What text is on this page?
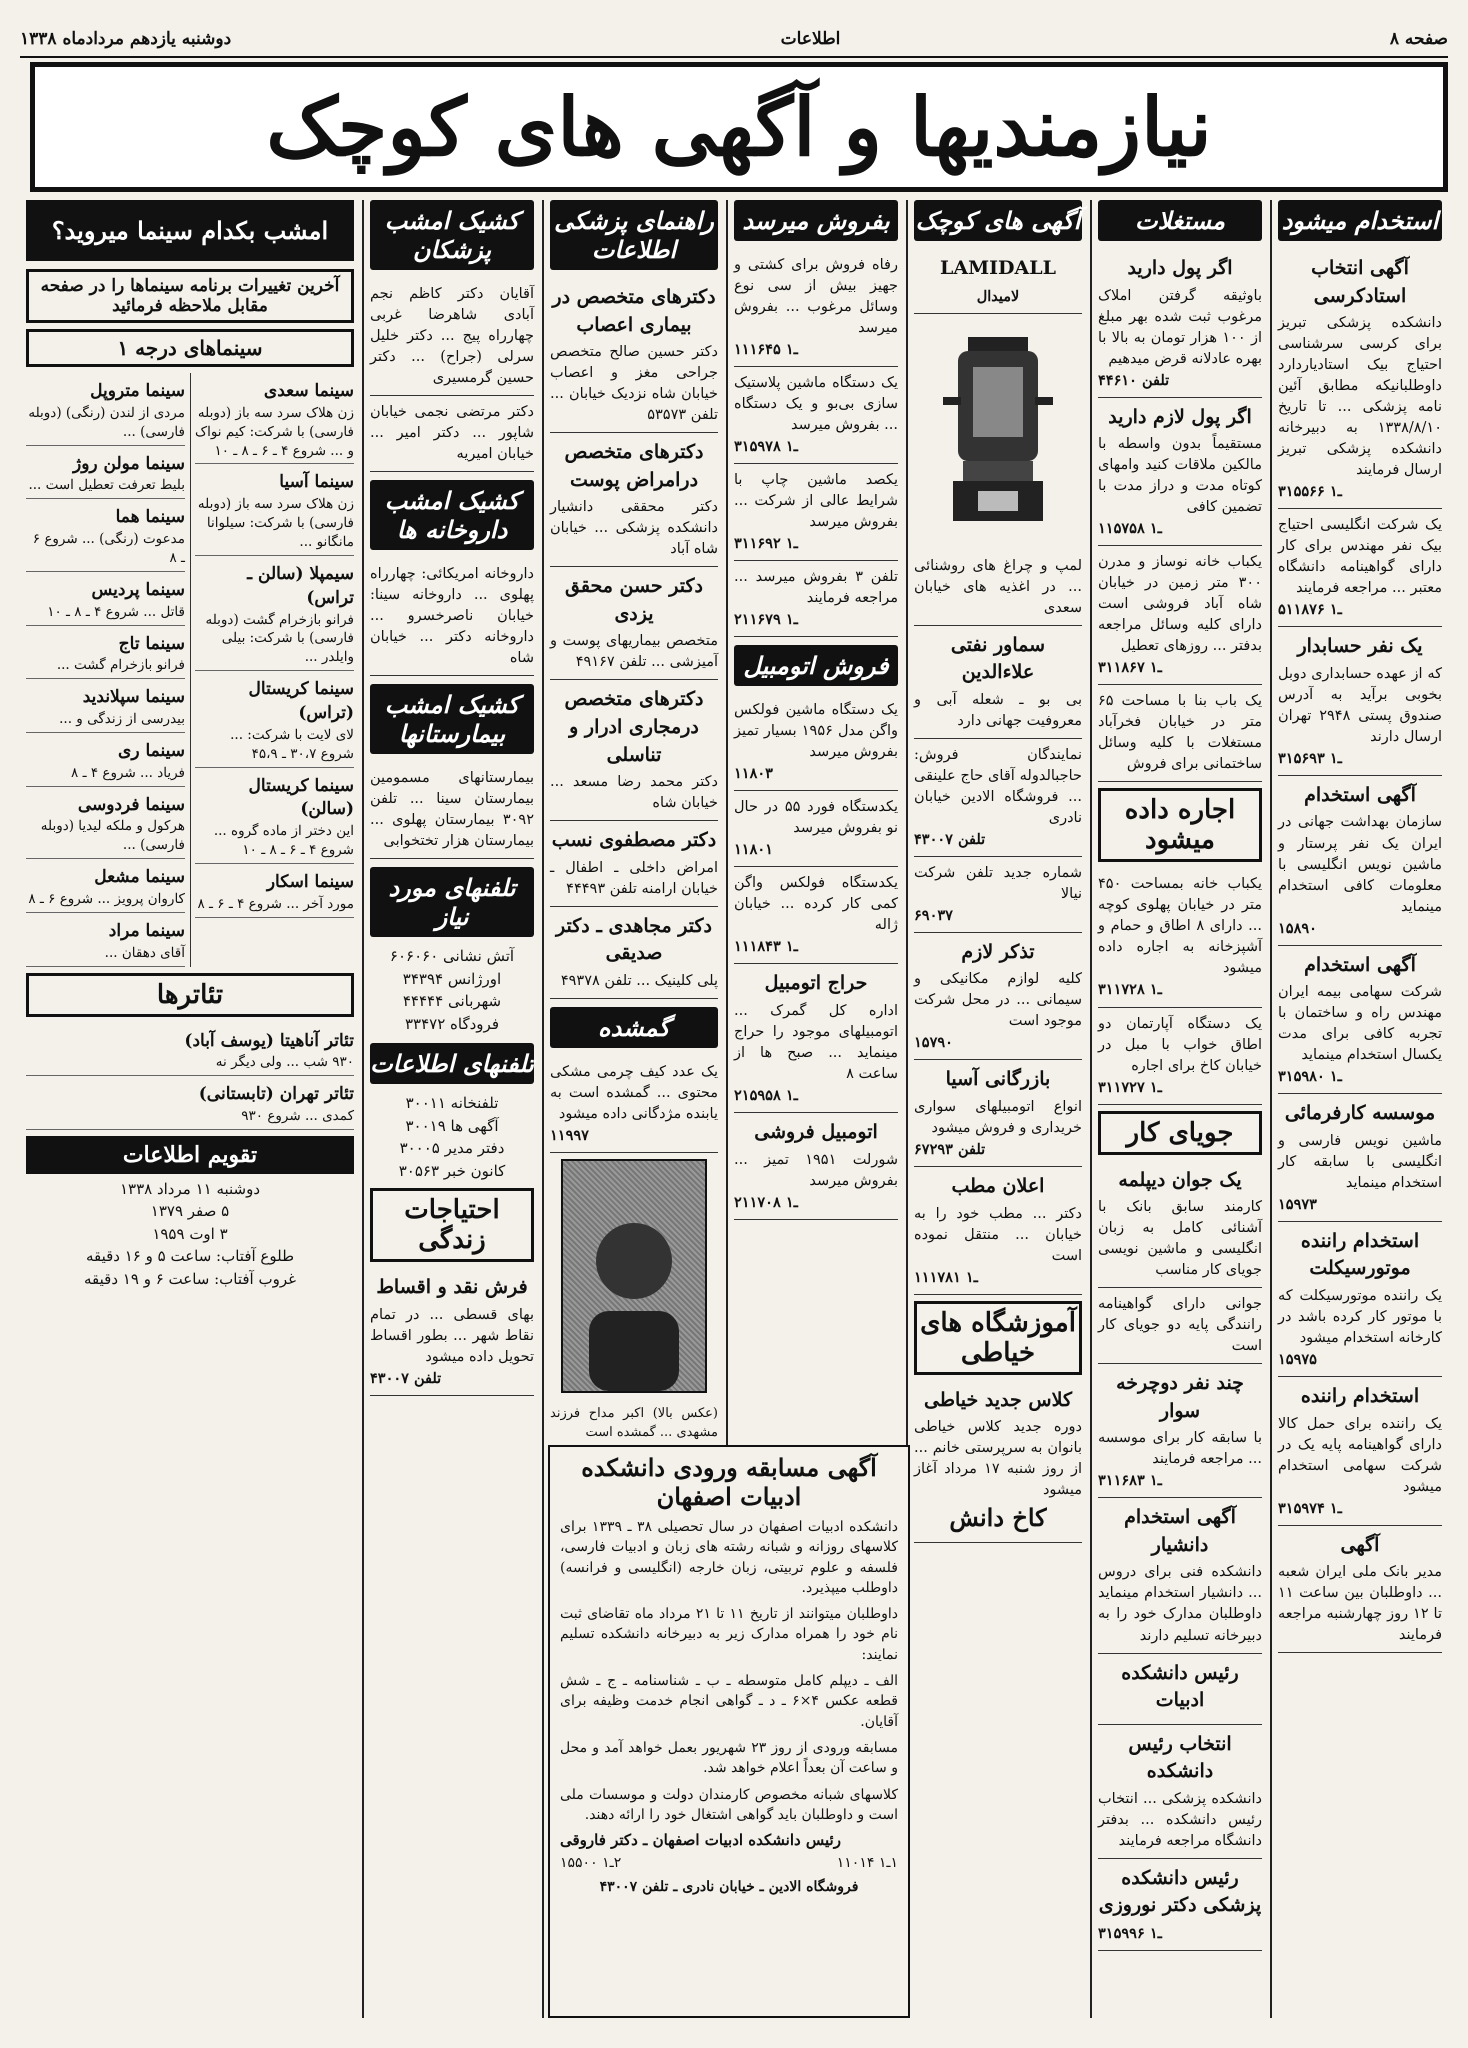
صفحه ۸
اطلاعات
دوشنبه یازدهم مردادماه ۱۳۳۸
نیازمندیها و آگهی های کوچک
استخدام میشود
آگهی انتخاب استادکرسی
دانشکده پزشکی تبریز برای کرسی سرشناسی احتیاج بیک استادیاردارد داوطلبانیکه مطابق آئین نامه پزشکی ... تا تاریخ ۱۳۳۸/۸/۱۰ به دبیرخانه دانشکده پزشکی تبریز ارسال فرمایند
۳ـ۱ ۱۵۵۶۶
یک شرکت انگلیسی احتیاج بیک نفر مهندس برای کار دارای گواهینامه دانشگاه معتبر ... مراجعه فرمایند
۵ـ۱ ۱۱۸۷۶
یک نفر حسابدار
که از عهده حسابداری دوبل بخوبی برآید به آدرس صندوق پستی ۲۹۴۸ تهران ارسال دارند
۳ـ۱ ۱۵۶۹۳
آگهی استخدام
سازمان بهداشت جهانی در ایران یک نفر پرستار و ماشین نویس انگلیسی با معلومات کافی استخدام مینماید
۱۵۸۹۰
آگهی استخدام
شرکت سهامی بیمه ایران مهندس راه و ساختمان با تجربه کافی برای مدت یکسال استخدام مینماید
۳ـ۱ ۱۵۹۸۰
موسسه کارفرمائی
ماشین نویس فارسی و انگلیسی با سابقه کار استخدام مینماید
۱۵۹۷۳
استخدام راننده موتورسیکلت
یک راننده موتورسیکلت که با موتور کار کرده باشد در کارخانه استخدام میشود
۱۵۹۷۵
استخدام راننده
یک راننده برای حمل کالا دارای گواهینامه پایه یک در شرکت سهامی استخدام میشود
۳ـ۱ ۱۵۹۷۴
آگهی
مدیر بانک ملی ایران شعبه ... داوطلبان بین ساعت ۱۱ تا ۱۲ روز چهارشنبه مراجعه فرمایند
مستغلات
اگر پول دارید
باوثیقه گرفتن املاک مرغوب ثبت شده بهر مبلغ از ۱۰۰ هزار تومان به بالا با بهره عادلانه قرض میدهیم
تلفن ۴۴۶۱۰
اگر پول لازم دارید
مستقیماً بدون واسطه با مالکین ملاقات کنید وامهای کوتاه مدت و دراز مدت با تضمین کافی
۱ـ۱ ۱۵۷۵۸
یکباب خانه نوساز و مدرن ۳۰۰ متر زمین در خیابان شاه آباد فروشی است دارای کلیه وسائل مراجعه بدفتر ... روزهای تعطیل
۳ـ۱ ۱۱۸۶۷
یک باب بنا با مساحت ۶۵ متر در خیابان فخرآباد مستغلات با کلیه وسائل ساختمانی برای فروش
اجاره داده میشود
یکباب خانه بمساحت ۴۵۰ متر در خیابان پهلوی کوچه ... دارای ۸ اطاق و حمام و آشپزخانه به اجاره داده میشود
۳ـ۱ ۱۱۷۲۸
یک دستگاه آپارتمان دو اطاق خواب با مبل در خیابان کاخ برای اجاره
۳ـ۱ ۱۱۷۲۷
جویای کار
یک جوان دیپلمه
کارمند سابق بانک با آشنائی کامل به زبان انگلیسی و ماشین نویسی جویای کار مناسب
جوانی دارای گواهینامه رانندگی پایه دو جویای کار است
چند نفر دوچرخه سوار
با سابقه کار برای موسسه ... مراجعه فرمایند
۳ـ۱ ۱۱۶۸۳
آگهی استخدام دانشیار
دانشکده فنی برای دروس ... دانشیار استخدام مینماید داوطلبان مدارک خود را به دبیرخانه تسلیم دارند
رئیس دانشکده ادبیات
انتخاب رئیس دانشکده
دانشکده پزشکی ... انتخاب رئیس دانشکده ... بدفتر دانشگاه مراجعه فرمایند
رئیس دانشکده پزشکی دکتر نوروزی
۳ـ۱ ۱۵۹۹۶
آگهی های کوچک
LAMIDALL
لامیدال
لمپ و چراغ های روشنائی ... در اغذیه های خیابان سعدی
سماور نفتی علاءالدین
بی بو ـ شعله آبی و معروفیت جهانی دارد
نمایندگان فروش: حاجبالدوله آقای حاج علینقی ... فروشگاه الادین خیابان نادری
تلفن ۴۳۰۰۷
شماره جدید تلفن شرکت نیالا
۶۹۰۳۷
تذکر لازم
کلیه لوازم مکانیکی و سیمانی ... در محل شرکت موجود است
۱۵۷۹۰
بازرگانی آسیا
انواع اتومبیلهای سواری خریداری و فروش میشود
تلفن ۶۷۲۹۳
اعلان مطب
دکتر ... مطب خود را به خیابان ... منتقل نموده است
۱ـ۱ ۱۱۷۸۱
آموزشگاه های خیاطی
کلاس جدید خیاطی
دوره جدید کلاس خیاطی بانوان به سرپرستی خانم ... از روز شنبه ۱۷ مرداد آغاز میشود
کاخ دانش
بفروش میرسد
رفاه فروش برای کشتی و جهیز بیش از سی نوع وسائل مرغوب ... بفروش میرسد
۱ـ۱ ۱۱۶۴۵
یک دستگاه ماشین پلاستیک سازی بی‌بو و یک دستگاه ... بفروش میرسد
۳ـ۱ ۱۵۹۷۸
یکصد ماشین چاپ با شرایط عالی از شرکت ... بفروش میرسد
۳ـ۱ ۱۱۶۹۲
تلفن ۳ بفروش میرسد ... مراجعه فرمایند
۲ـ۱ ۱۱۶۷۹
فروش اتومبیل
یک دستگاه ماشین فولکس واگن مدل ۱۹۵۶ بسیار تمیز بفروش میرسد
۱۱۸۰۳
یکدستگاه فورد ۵۵ در حال نو بفروش میرسد
۱۱۸۰۱
یکدستگاه فولکس واگن کمی کار کرده ... خیابان ژاله
۱ـ۱ ۱۱۸۴۳
حراج اتومبیل
اداره کل گمرک ... اتومبیلهای موجود را حراج مینماید ... صبح ها از ساعت ۸
۲ـ۱ ۱۵۹۵۸
اتومبیل فروشی
شورلت ۱۹۵۱ تمیز ... بفروش میرسد
۲ـ۱ ۱۱۷۰۸
راهنمای پزشکی اطلاعات
دکترهای متخصص در بیماری اعصاب
دکتر حسین صالح متخصص جراحی مغز و اعصاب خیابان شاه نزدیک خیابان ... تلفن ۵۳۵۷۳
دکترهای متخصص درامراض پوست
دکتر محققی دانشیار دانشکده پزشکی ... خیابان شاه آباد
دکتر حسن محقق یزدی
متخصص بیماریهای پوست و آمیزشی ... تلفن ۴۹۱۶۷
دکترهای متخصص درمجاری ادرار و تناسلی
دکتر محمد رضا مسعد ... خیابان شاه
دکتر مصطفوی نسب
امراض داخلی ـ اطفال ـ خیابان ارامنه تلفن ۴۴۴۹۳
دکتر مجاهدی ـ دکتر صدیقی
پلی کلینیک ... تلفن ۴۹۳۷۸
گمشده
یک عدد کیف چرمی مشکی محتوی ... گمشده است به یابنده مژدگانی داده میشود
۱۱۹۹۷
(عکس بالا) اکبر مداح فرزند مشهدی ... گمشده است
کشیک امشب پزشکان
آقایان دکتر کاظم نجم آبادی شاهرضا غربی چهارراه پیج ... دکتر خلیل سرلی (جراح) ... دکتر حسین گرمسیری
دکتر مرتضی نجمی خیابان شاپور ... دکتر امیر ... خیابان امیریه
کشیک امشب داروخانه ها
داروخانه امریکائی: چهارراه پهلوی ... داروخانه سینا: خیابان ناصرخسرو ... داروخانه دکتر ... خیابان شاه
کشیک امشب بیمارستانها
بیمارستانهای مسمومین بیمارستان سینا ... تلفن ۳۰۹۲ بیمارستان پهلوی ... بیمارستان هزار تختخوابی
تلفنهای مورد نیاز
آتش نشانی ۶۰۶۰۶۰
اورژانس ۳۴۳۹۴
شهربانی ۴۴۴۴۴
فرودگاه ۳۳۴۷۲
تلفنهای اطلاعات
تلفنخانه ۳۰۰۱۱
آگهی ها ۳۰۰۱۹
دفتر مدیر ۳۰۰۰۵
کانون خبر ۳۰۵۶۳
احتیاجات زندگی
فرش نقد و اقساط
بهای قسطی ... در تمام نقاط شهر ... بطور اقساط تحویل داده میشود
تلفن ۴۳۰۰۷
امشب بکدام سینما میروید؟
آخرین تغییرات برنامه سینماها را در صفحه مقابل ملاحظه فرمائید
سینماهای درجه ۱
سینما سعدی
زن هلاک سرد سه باز (دوبله فارسی) با شرکت: کیم نواک و ... شروع ۴ ـ ۶ ـ ۸ ـ ۱۰
سینما آسیا
زن هلاک سرد سه باز (دوبله فارسی) با شرکت: سیلوانا مانگانو ...
سیمپلا (سالن ـ تراس)
فرانو بازخرام گشت (دوبله فارسی) با شرکت: بیلی وایلدر ...
سینما کریستال (تراس)
لای لایت با شرکت: ... شروع ۳۰،۷ ـ ۴۵،۹
سینما کریستال (سالن)
این دختر از ماده گروه ... شروع ۴ ـ ۶ ـ ۸ ـ ۱۰
سینما اسکار
مورد آخر ... شروع ۴ ـ ۶ ـ ۸
سینما متروپل
مردی از لندن (رنگی) (دوبله فارسی) ...
سینما مولن روژ
بلیط تعرفت تعطیل است ...
سینما هما
مدعوت (رنگی) ... شروع ۶ ـ ۸
سینما پردیس
قاتل ... شروع ۴ ـ ۸ ـ ۱۰
سینما تاج
فرانو بازخرام گشت ...
سینما سپلاندید
بیدرسی از زندگی و ...
سینما ری
فریاد ... شروع ۴ ـ ۸
سینما فردوسی
هرکول و ملکه لیدیا (دوبله فارسی) ...
سینما مشعل
کاروان پرویز ... شروع ۶ ـ ۸
سینما مراد
آقای دهقان ...
تئاترها
تئاتر آناهیتا (یوسف آباد)
۹۳۰ شب ... ولی دیگر نه
تئاتر تهران (تابستانی)
کمدی ... شروع ۹۳۰
تقویم اطلاعات
دوشنبه ۱۱ مرداد ۱۳۳۸
۵ صفر ۱۳۷۹
۳ اوت ۱۹۵۹
طلوع آفتاب: ساعت ۵ و ۱۶ دقیقه
غروب آفتاب: ساعت ۶ و ۱۹ دقیقه
آگهی مسابقه ورودی دانشکده ادبیات اصفهان
دانشکده ادبیات اصفهان در سال تحصیلی ۳۸ ـ ۱۳۳۹ برای کلاسهای روزانه و شبانه رشته های زبان و ادبیات فارسی، فلسفه و علوم تربیتی، زبان خارجه (انگلیسی و فرانسه) داوطلب میپذیرد.
داوطلبان میتوانند از تاریخ ۱۱ تا ۲۱ مرداد ماه تقاضای ثبت نام خود را همراه مدارک زیر به دبیرخانه دانشکده تسلیم نمایند:
الف ـ دیپلم کامل متوسطه ـ ب ـ شناسنامه ـ ج ـ شش قطعه عکس ۴×۶ ـ د ـ گواهی انجام خدمت وظیفه برای آقایان.
مسابقه ورودی از روز ۲۳ شهریور بعمل خواهد آمد و محل و ساعت آن بعداً اعلام خواهد شد.
کلاسهای شبانه مخصوص کارمندان دولت و موسسات ملی است و داوطلبان باید گواهی اشتغال خود را ارائه دهند.
رئیس دانشکده ادبیات اصفهان ـ دکتر فاروقی
۱ـ۱ ۱۱۰۱۴
۲ـ۱ ۱۵۵۰۰
فروشگاه الادین ـ خیابان نادری ـ تلفن ۴۳۰۰۷
